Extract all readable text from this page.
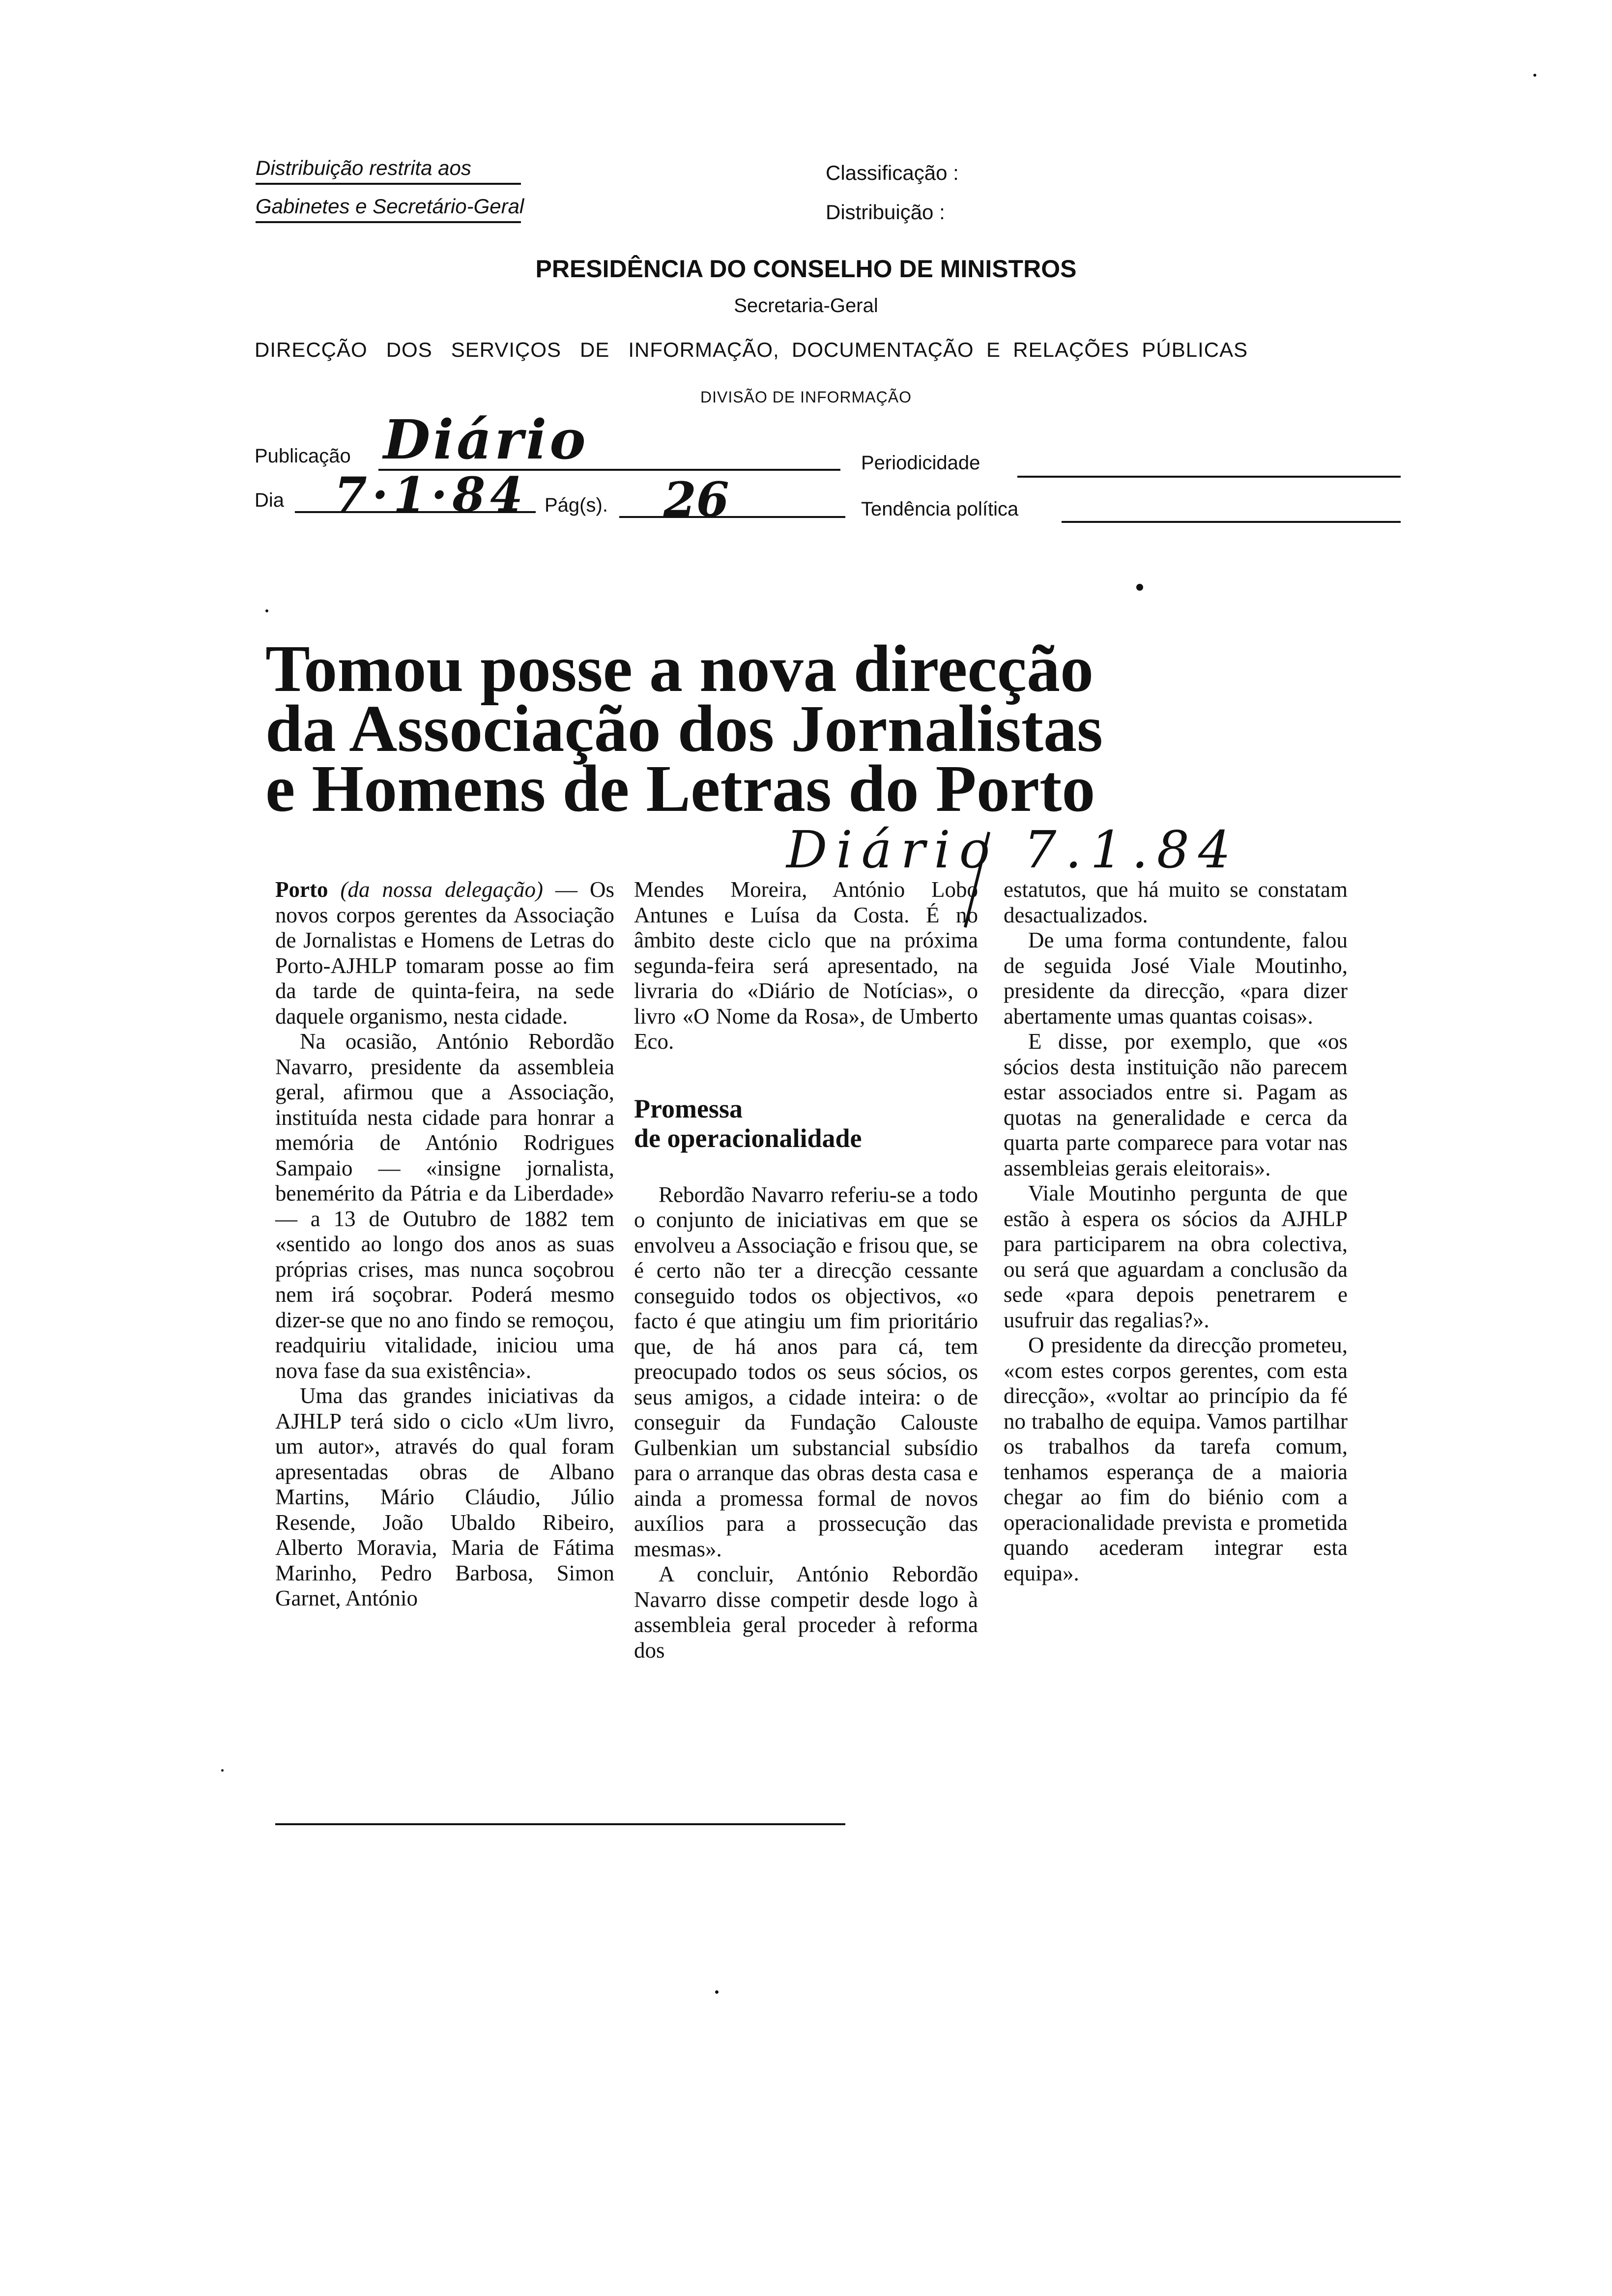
Distribuição restrita aos
Gabinetes e Secretário-Geral
Classificação :
Distribuição :
PRESIDÊNCIA DO CONSELHO DE MINISTROS
Secretaria-Geral
DIRECÇÃO   DOS   SERVIÇOS   DE   INFORMAÇÃO,  DOCUMENTAÇÃO  E  RELAÇÕES  PÚBLICAS
DIVISÃO DE INFORMAÇÃO
Publicação Diário	Periodicidade
Dia 7·1·84 Pág(s). 26	Tendência política
Tomou posse a nova direcção
da Associação dos Jornalistas
e Homens de Letras do Porto
Diário 7.1.84

Porto (da nossa delegação) — Os novos corpos gerentes da Associação de Jornalistas e Homens de Letras do Porto-AJHLP tomaram posse ao fim da tarde de quinta-feira, na sede daquele organismo, nesta cidade.

Na ocasião, António Rebordão Navarro, presidente da assembleia geral, afirmou que a Associação, instituída nesta cidade para honrar a memória de António Rodrigues Sampaio — «insigne jornalista, benemérito da Pátria e da Liberdade» — a 13 de Outubro de 1882 tem «sentido ao longo dos anos as suas próprias crises, mas nunca soçobrou nem irá soçobrar. Poderá mesmo dizer-se que no ano findo se remoçou, readquiriu vitalidade, iniciou uma nova fase da sua existência».

Uma das grandes iniciativas da AJHLP terá sido o ciclo «Um livro, um autor», através do qual foram apresentadas obras de Albano Martins, Mário Cláudio, Júlio Resende, João Ubaldo Ribeiro, Alberto Moravia, Maria de Fátima Marinho, Pedro Barbosa, Simon Garnet, António

Mendes Moreira, António Lobo Antunes e Luísa da Costa. É no âmbito deste ciclo que na próxima segunda-feira será apresentado, na livraria do «Diário de Notícias», o livro «O Nome da Rosa», de Umberto Eco.

Promessa
de operacionalidade

Rebordão Navarro referiu-se a todo o conjunto de iniciativas em que se envolveu a Associação e frisou que, se é certo não ter a direcção cessante conseguido todos os objectivos, «o facto é que atingiu um fim prioritário que, de há anos para cá, tem preocupado todos os seus sócios, os seus amigos, a cidade inteira: o de conseguir da Fundação Calouste Gulbenkian um substancial subsídio para o arranque das obras desta casa e ainda a promessa formal de novos auxílios para a prossecução das mesmas».

A concluir, António Rebordão Navarro disse competir desde logo à assembleia geral proceder à reforma dos

estatutos, que há muito se constatam desactualizados.

De uma forma contundente, falou de seguida José Viale Moutinho, presidente da direcção, «para dizer abertamente umas quantas coisas».

E disse, por exemplo, que «os sócios desta instituição não parecem estar associados entre si. Pagam as quotas na generalidade e cerca da quarta parte comparece para votar nas assembleias gerais eleitorais».

Viale Moutinho pergunta de que estão à espera os sócios da AJHLP para participarem na obra colectiva, ou será que aguardam a conclusão da sede «para depois penetrarem e usufruir das regalias?».

O presidente da direcção prometeu, «com estes corpos gerentes, com esta direcção», «voltar ao princípio da fé no trabalho de equipa. Vamos partilhar os trabalhos da tarefa comum, tenhamos esperança de a maioria chegar ao fim do biénio com a operacionalidade prevista e prometida quando acederam integrar esta equipa».
